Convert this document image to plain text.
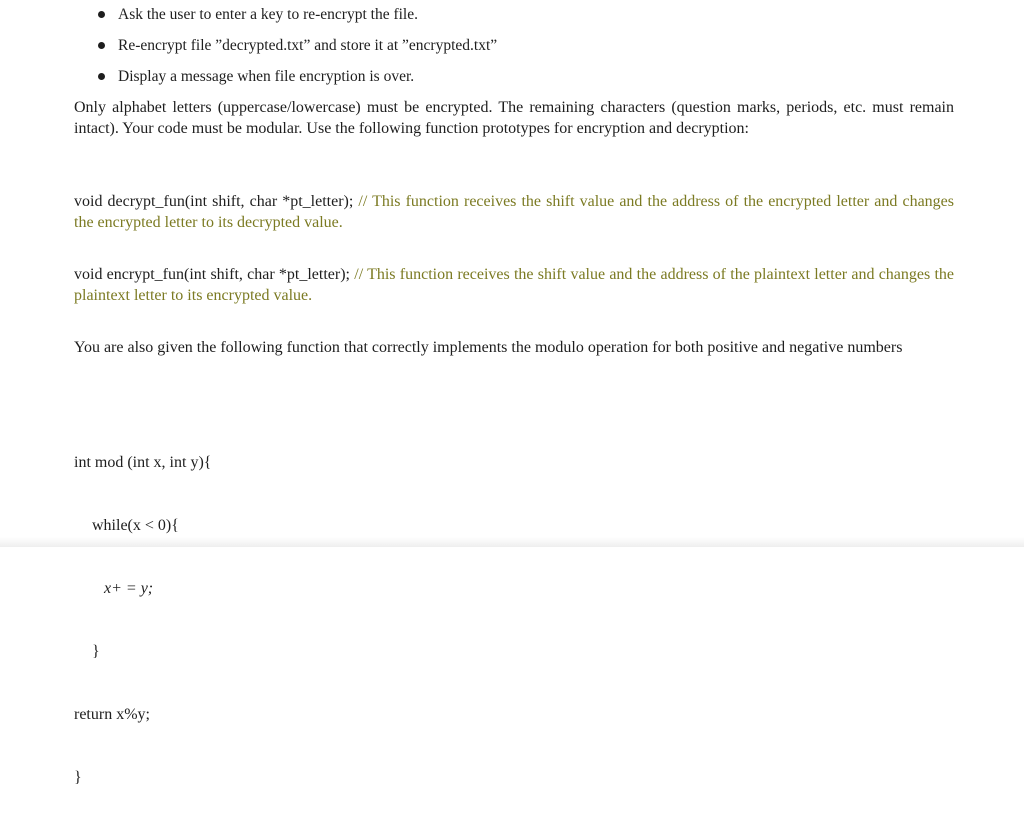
Ask the user to enter a key to re-encrypt the file.
Re-encrypt file ”decrypted.txt” and store it at ”encrypted.txt”
Display a message when file encryption is over.
Only alphabet letters (uppercase/lowercase) must be encrypted. The remaining characters (question marks, periods, etc. must remain intact). Your code must be modular. Use the following function prototypes for encryption and decryption:
void decrypt_fun(int shift, char *pt_letter); // This function receives the shift value and the address of the encrypted letter and changes the encrypted letter to its decrypted value.
void encrypt_fun(int shift, char *pt_letter); // This function receives the shift value and the address of the plaintext letter and changes the plaintext letter to its encrypted value.
You are also given the following function that correctly implements the modulo operation for both positive and negative numbers

int mod (int x, int y){

while(x < 0){

x+ = y;

}

return x%y;

}
